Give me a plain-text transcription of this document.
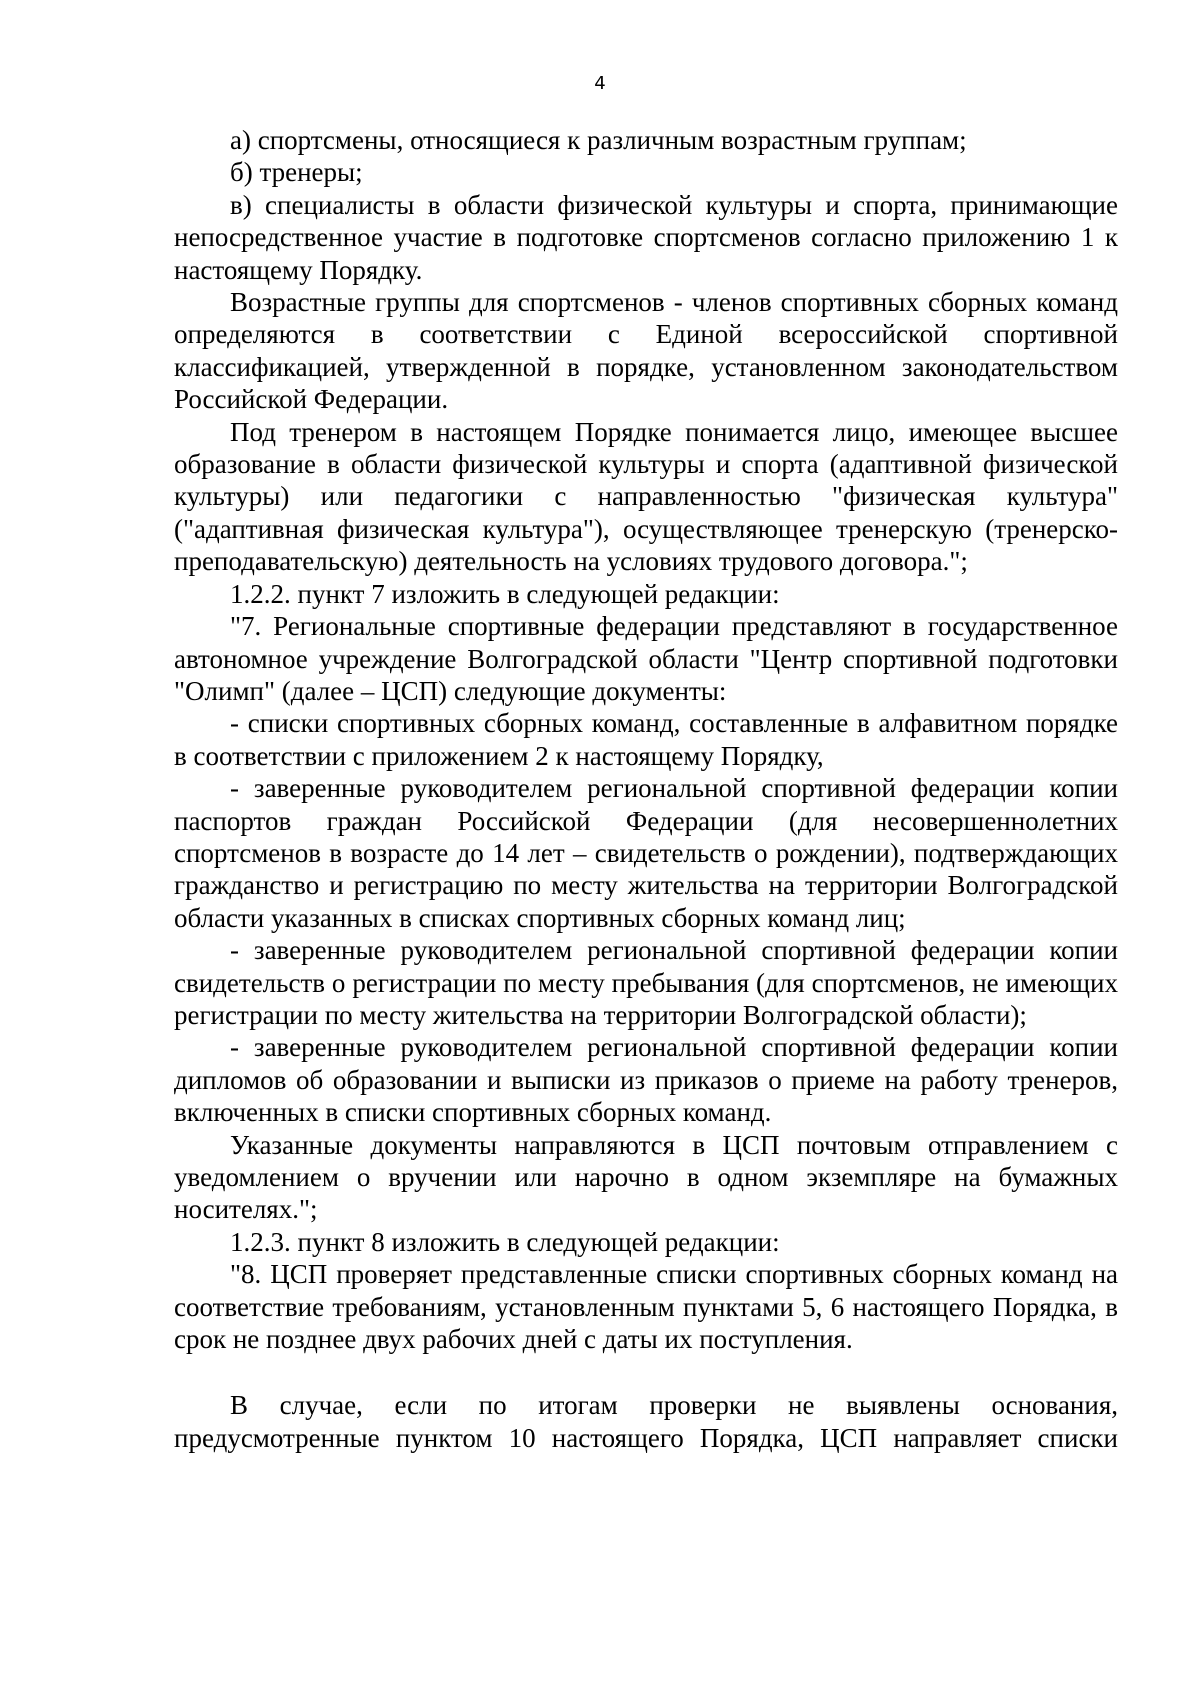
4

а) спортсмены, относящиеся к различным возрастным группам;

б) тренеры;

в) специалисты в области физической культуры и спорта, принимающие непосредственное участие в подготовке спортсменов согласно приложению 1 к настоящему Порядку.

Возрастные группы для спортсменов - членов спортивных сборных команд определяются в соответствии с Единой всероссийской спортивной классификацией, утвержденной в порядке, установленном законодательством Российской Федерации.

Под тренером в настоящем Порядке понимается лицо, имеющее высшее образование в области физической культуры и спорта (адаптивной физической культуры) или педагогики с направленностью "физическая культура" ("адаптивная физическая культура"), осуществляющее тренерскую (тренерско-преподавательскую) деятельность на условиях трудового договора.";

1.2.2. пункт 7 изложить в следующей редакции:

"7. Региональные спортивные федерации представляют в государственное автономное учреждение Волгоградской области "Центр спортивной подготовки "Олимп" (далее – ЦСП) следующие документы:

- списки спортивных сборных команд, составленные в алфавитном порядке в соответствии с приложением 2 к настоящему Порядку,

- заверенные руководителем региональной спортивной федерации копии паспортов граждан Российской Федерации (для несовершеннолетних спортсменов в возрасте до 14 лет – свидетельств о рождении), подтверждающих гражданство и регистрацию по месту жительства на территории Волгоградской области указанных в списках спортивных сборных команд лиц;

- заверенные руководителем региональной спортивной федерации копии свидетельств о регистрации по месту пребывания (для спортсменов, не имеющих регистрации по месту жительства на территории Волгоградской области);

- заверенные руководителем региональной спортивной федерации копии дипломов об образовании и выписки из приказов о приеме на работу тренеров, включенных в списки спортивных сборных команд.

Указанные документы направляются в ЦСП почтовым отправлением с уведомлением о вручении или нарочно в одном экземпляре на бумажных носителях.";

1.2.3. пункт 8 изложить в следующей редакции:

"8. ЦСП проверяет представленные списки спортивных сборных команд на соответствие требованиям, установленным пунктами 5, 6 настоящего Порядка, в срок не позднее двух рабочих дней с даты их поступления.

В случае, если по итогам проверки не выявлены основания, предусмотренные пунктом 10 настоящего Порядка, ЦСП направляет списки
